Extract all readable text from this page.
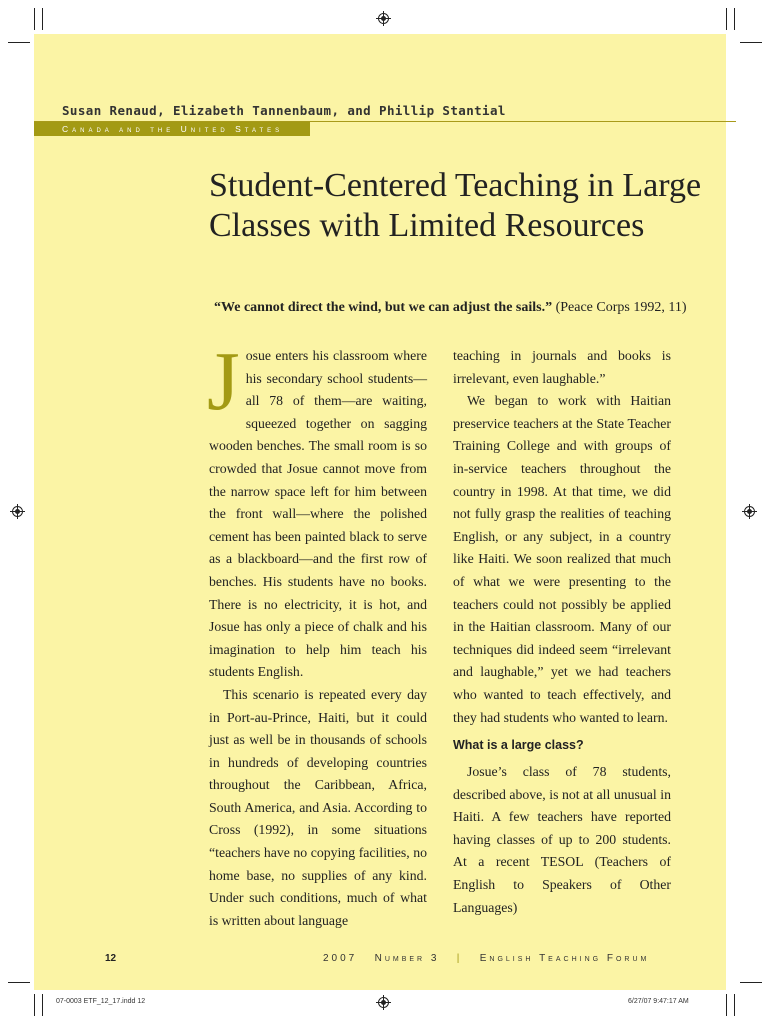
Susan Renaud, Elizabeth Tannenbaum, and Phillip Stantial

Canada and the United States
Student-Centered Teaching in Large Classes with Limited Resources

“We cannot direct the wind, but we can adjust the sails.” (Peace Corps 1992, 11)

Josue enters his classroom where his secondary school students—all 78 of them—are waiting, squeezed together on sagging wooden benches. The small room is so crowded that Josue cannot move from the narrow space left for him between the front wall—where the polished cement has been painted black to serve as a blackboard—and the first row of benches. His students have no books. There is no electricity, it is hot, and Josue has only a piece of chalk and his imagination to help him teach his students English.

This scenario is repeated every day in Port-au-Prince, Haiti, but it could just as well be in thousands of schools in hundreds of developing countries throughout the Caribbean, Africa, South America, and Asia. According to Cross (1992), in some situations “teachers have no copying facilities, no home base, no supplies of any kind. Under such conditions, much of what is written about language

teaching in journals and books is irrelevant, even laughable.”

We began to work with Haitian preservice teachers at the State Teacher Training College and with groups of in-service teachers throughout the country in 1998. At that time, we did not fully grasp the realities of teaching English, or any subject, in a country like Haiti. We soon realized that much of what we were presenting to the teachers could not possibly be applied in the Haitian classroom. Many of our techniques did indeed seem “irrelevant and laughable,” yet we had teachers who wanted to teach effectively, and they had students who wanted to learn.

What is a large class?

Josue’s class of 78 students, described above, is not at all unusual in Haiti. A few teachers have reported having classes of up to 200 students. At a recent TESOL (Teachers of English to Speakers of Other Languages)

12	2007 Number 3 | English Teaching Forum
07-0003 ETF_12_17.indd 12	6/27/07 9:47:17 AM
